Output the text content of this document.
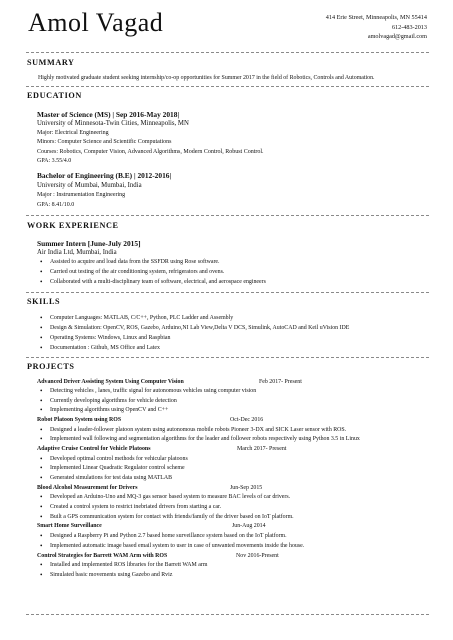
Amol Vagad	414 Erie Street, Minneapolis, MN 55414
612-483-2013
amolvagad@gmail.com
SUMMARY
Highly motivated graduate student seeking internship/co-op opportunities for Summer 2017 in the field of Robotics, Controls and Automation.
EDUCATION
Master of Science (MS) | Sep 2016-May 2018|
University of Minnesota-Twin Cities, Minneapolis, MN
Major: Electrical Engineering
Minors: Computer Science and Scientific Computations
Courses: Robotics, Computer Vision, Advanced Algorithms, Modern Control, Robust Control.
GPA: 3.55/4.0
Bachelor of Engineering (B.E) | 2012-2016|
University of Mumbai, Mumbai, India
Major : Instrumentation Engineering
GPA: 8.41/10.0
WORK EXPERIENCE
Summer Intern [June-July 2015]
Air India Ltd, Mumbai, India
• Assisted to acquire and load data from the SSFDR using Rose software.
• Carried out testing of the air conditioning system, refrigerators and ovens.
• Collaborated with a multi-disciplinary team of software, electrical, and aerospace engineers
SKILLS
• Computer Languages: MATLAB, C/C++, Python, PLC Ladder and Assembly
• Design & Simulation: OpenCV, ROS, Gazebo, Arduino,NI Lab View,Delta V DCS, Simulink, AutoCAD and Keil uVision IDE
• Operating Systems: Windows, Linux and Raspbian
• Documentation : Github, MS Office and Latex
PROJECTS
Advanced Driver Assisting System Using Computer Vision	Feb 2017- Present
• Detecting vehicles , lanes, traffic signal for autonomous vehicles using computer vision
• Currently developing algorithms for vehicle detection
• Implementing algorithms using OpenCV and C++
Robot Platoon System using ROS	Oct-Dec 2016
• Designed a leader-follower platoon system using autonomous mobile robots Pioneer 3-DX and SICK Laser sensor with ROS.
• Implemented wall following and segmentation algorithms for the leader and follower robots respectively using Python 3.5 in Linux
Adaptive Cruise Control for Vehicle Platoons	March 2017- Present
• Developed optimal control methods for vehicular platoons
• Implemented Linear Quadratic Regulator control scheme
• Generated simulations for test data using MATLAB
Blood Alcohol Measurement for Drivers	Jun-Sep 2015
• Developed an Arduino-Uno and MQ-3 gas sensor based system to measure BAC levels of car drivers.
• Created a control system to restrict inebriated drivers from starting a car.
• Built a GPS communication system for contact with friends/family of the driver based on IoT platform.
Smart Home Surveillance	Jun-Aug 2014
• Designed a Raspberry Pi and Python 2.7 based home surveillance system based on the IoT platform.
• Implemented automatic image based email system to user in case of unwanted movements inside the house.
Control Strategies for Barrett WAM Arm with ROS	Nov 2016-Present
• Installed and implemented ROS libraries for the Barrett WAM arm
• Simulated basic movements using Gazebo and Rviz
